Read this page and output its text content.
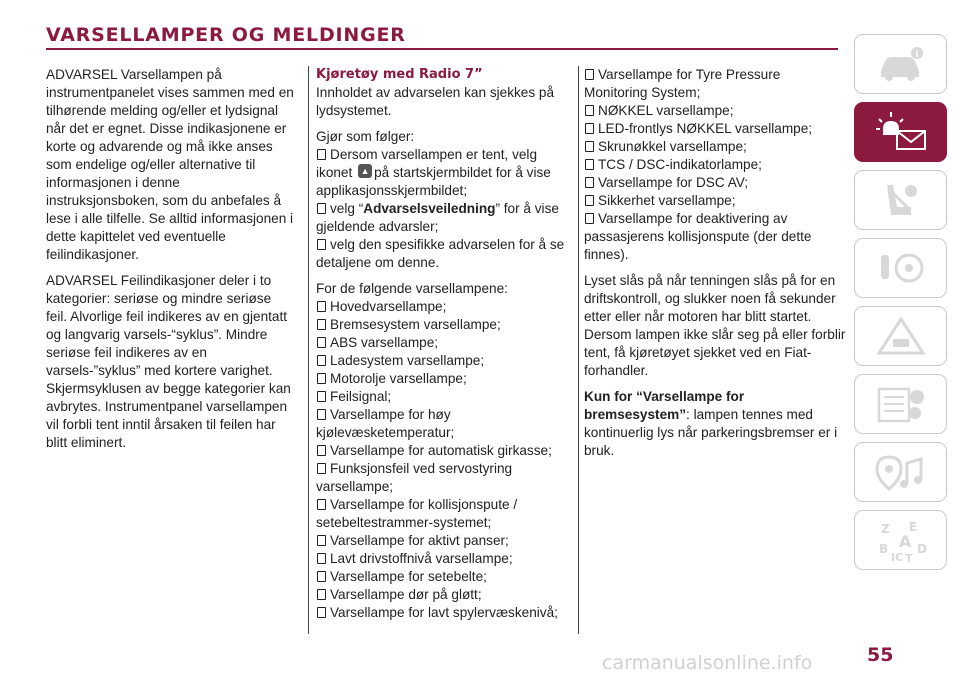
VARSELLAMPER OG MELDINGER

ADVARSEL Varsellampen på instrumentpanelet vises sammen med en tilhørende melding og/eller et lydsignal når det er egnet. Disse indikasjonene er korte og advarende og må ikke anses som endelige og/eller alternative til informasjonen i denne instruksjonsboken, som du anbefales å lese i alle tilfelle. Se alltid informasjonen i dette kapittelet ved eventuelle feilindikasjoner.

ADVARSEL Feilindikasjoner deler i to kategorier: seriøse og mindre seriøse feil. Alvorlige feil indikeres av en gjentatt og langvarig varsels-“syklus”. Mindre seriøse feil indikeres av en varsels-”syklus” med kortere varighet. Skjermsyklusen av begge kategorier kan avbrytes. Instrumentpanel varsellampen vil forbli tent inntil årsaken til feilen har blitt eliminert.

Kjøretøy med Radio 7”

Innholdet av advarselen kan sjekkes på lydsystemet.

Gjør som følger:
Dersom varsellampen er tent, velg ikonet ▲ på startskjermbildet for å vise applikasjonsskjermbildet;
velg “Advarselsveiledning” for å vise gjeldende advarsler;
velg den spesifikke advarselen for å se detaljene om denne.
For de følgende varsellampene:
Hovedvarsellampe;
Bremsesystem varsellampe;
ABS varsellampe;
Ladesystem varsellampe;
Motorolje varsellampe;
Feilsignal;
Varsellampe for høy kjølevæsketemperatur;
Varsellampe for automatisk girkasse;
Funksjonsfeil ved servostyring varsellampe;
Varsellampe for kollisjonspute / setebeltestrammer-systemet;
Varsellampe for aktivt panser;
Lavt drivstoffnivå varsellampe;
Varsellampe for setebelte;
Varsellampe dør på gløtt;
Varsellampe for lavt spylervæskenivå;
Varsellampe for Tyre Pressure Monitoring System;
NØKKEL varsellampe;
LED-frontlys NØKKEL varsellampe;
Skrunøkkel varsellampe;
TCS / DSC-indikatorlampe;
Varsellampe for DSC AV;
Sikkerhet varsellampe;
Varsellampe for deaktivering av passasjerens kollisjonspute (der dette finnes).

Lyset slås på når tenningen slås på for en driftskontroll, og slukker noen få sekunder etter eller når motoren har blitt startet. Dersom lampen ikke slår seg på eller forblir tent, få kjøretøyet sjekket ved en Fiat-forhandler.

Kun for “Varsellampe for bremsesystem”: lampen tennes med kontinuerlig lys når parkeringsbremser er i bruk.

i
Z E
A
B D
IC T
55
carmanualsonline.info
